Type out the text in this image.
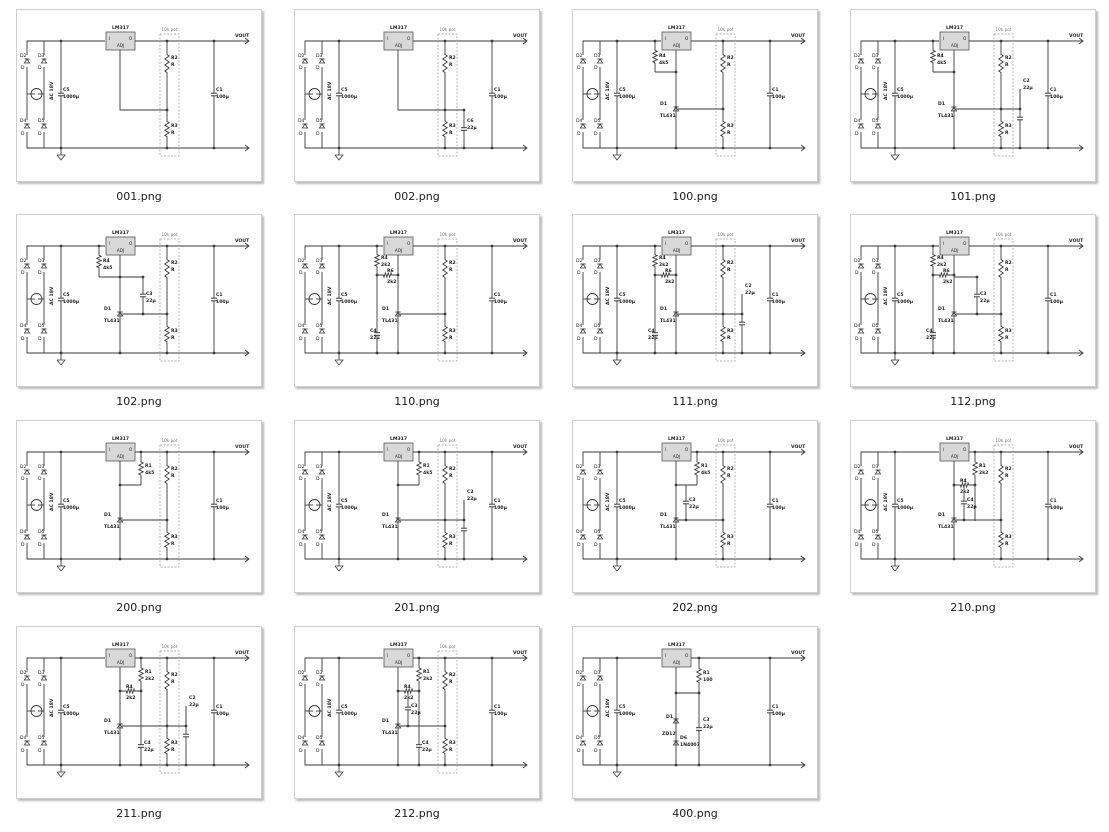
D2	D3
D4	D5
D	D
D	D
AC 18V C5
1000µ
LM317
I	O
ADJ
VOUT
C1
100µ
10k pot
R2
R
R3
R
001.png
D2	D3
D4	D5
D	D
D	D
AC 18V C5
1000µ
LM317
I	O
ADJ
VOUT
C1
100µ
10k pot
R2
R
R3
R
C6
22µ
002.png
D2	D3
D4	D5
D	D
D	D
AC 18V C5
1000µ
LM317
I	O
ADJ
VOUT
C1
100µ
10k pot
R2
R
R3
R
D1
TL431
R4
4k5
100.png
D2	D3
D4	D5
D	D
D	D
AC 18V C5
1000µ
LM317
I	O
ADJ
VOUT
C1
100µ
10k pot
R2
R
R3
R
D1
TL431
R4
4k5
C2
22µ
101.png
D2	D3
D4	D5
D	D
D	D
AC 18V C5
1000µ
LM317
I	O
ADJ
VOUT
C1
100µ
10k pot
R2
R
R3
R
D1
TL431
R4
4k5
C3
22µ
102.png
D2	D3
D4	D5
D	D
D	D
AC 18V C5
1000µ
LM317
I	O
ADJ
VOUT
C1
100µ
10k pot
R2
R
R3
R
D1
TL431
R4
2k2
R6
2k2
C4
22µ
110.png
D2	D3
D4	D5
D	D
D	D
AC 18V C5
1000µ
LM317
I	O
ADJ
VOUT
C1
100µ
10k pot
R2
R
R3
R
D1
TL431
R4
2k2
R6
2k2
C4
22µ
C2
22µ
111.png
D2	D3
D4	D5
D	D
D	D
AC 18V C5
1000µ
LM317
I	O
ADJ
VOUT
C1
100µ
10k pot
R2
R
R3
R
D1
TL431
R4
2k2
R6
2k2
C4
22µ
C3
22µ
112.png
D2	D3
D4	D5
D	D
D	D
AC 18V C5
1000µ
LM317
I	O
ADJ
VOUT
C1
100µ
10k pot
R2
R
R3
R
D1
TL431
R1
4k5
200.png
D2	D3
D4	D5
D	D
D	D
AC 18V C5
1000µ
LM317
I	O
ADJ
VOUT
C1
100µ
10k pot
R2
R
R3
R
D1
TL431
R1
4k5
C2
22µ
201.png
D2	D3
D4	D5
D	D
D	D
AC 18V C5
1000µ
LM317
I	O
ADJ
VOUT
C1
100µ
10k pot
R2
R
R3
R
D1
TL431
R1
4k5
C3
22µ
202.png
D2	D3
D4	D5
D	D
D	D
AC 18V C5
1000µ
LM317
I	O
ADJ
VOUT
C1
100µ
10k pot
R2
R
R3
R
D1
TL431
R1
2k2
R4
2k2
C4
22µ
210.png
D2	D3
D4	D5
D	D
D	D
AC 18V C5
1000µ
LM317
I	O
ADJ
VOUT
C1
100µ
10k pot
R2
R
R3
R
D1
TL431
R1
2k2
R4
2k2
C4
22µ
C2
22µ
211.png
D2	D3
D4	D5
D	D
D	D
AC 18V C5
1000µ
LM317
I	O
ADJ
VOUT
C1
100µ
10k pot
R2
R
R3
R
D1
TL431
R1
2k2
R4
2k2
C4
22µ
C3
22µ
212.png
D2	D3
D4	D5
D	D
D	D
AC 18V C5
1000µ
LM317
I	O
ADJ
VOUT
C1
100µ
R1
100
C3
22µ
D1
ZD12
D6
1N4007
400.png
